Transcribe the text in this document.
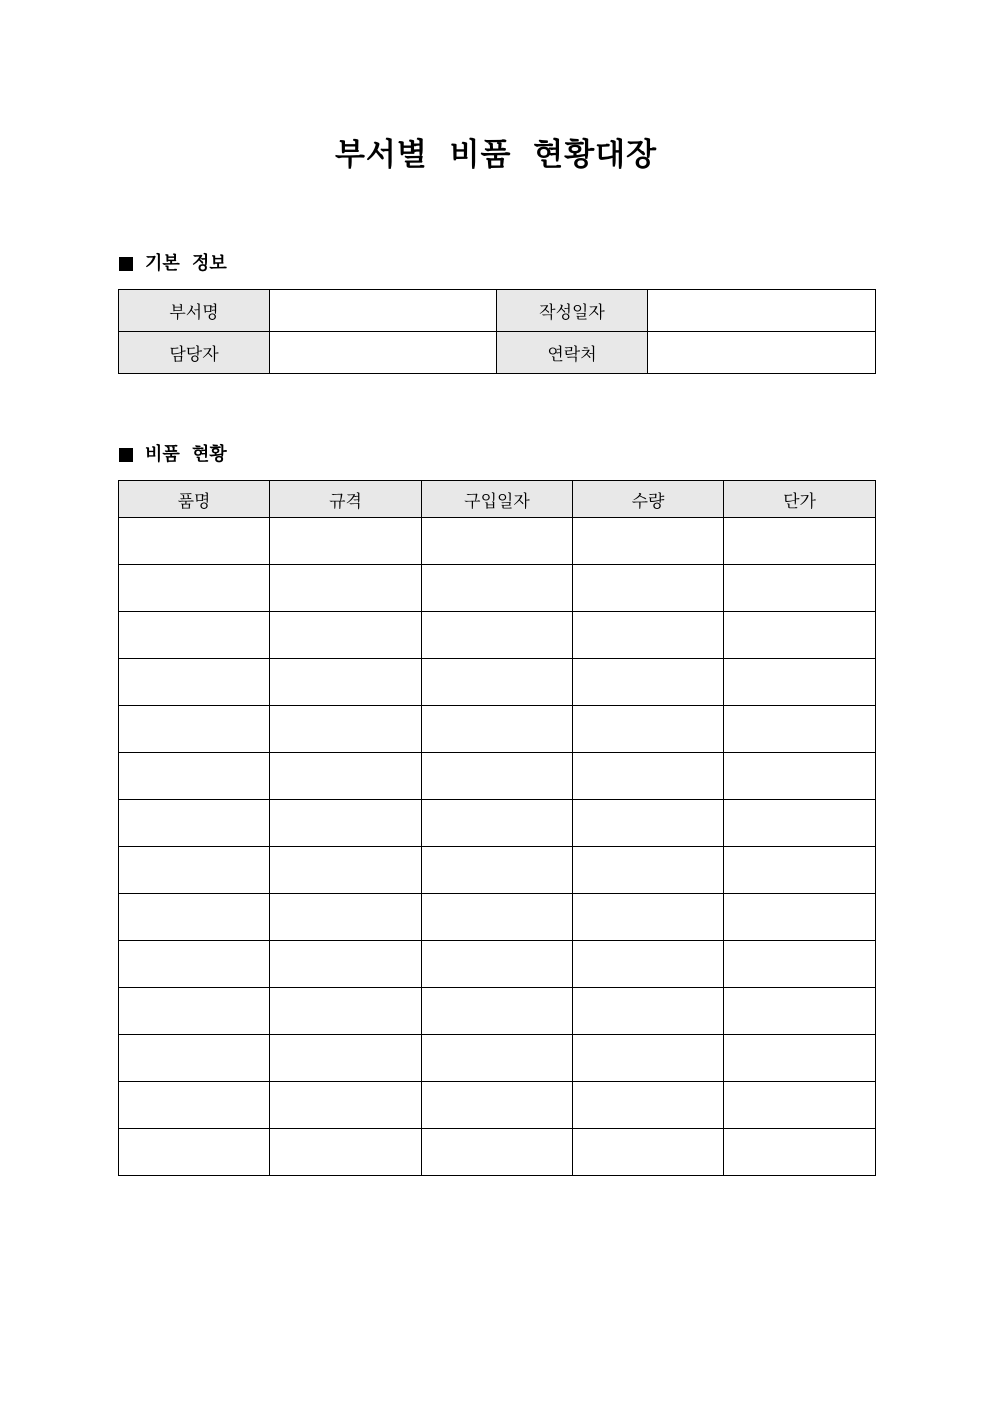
부서별 비품 현황대장
기본 정보
부서명		작성일자	
담당자		연락처	
비품 현황
품명	규격	구입일자	수량	단가
